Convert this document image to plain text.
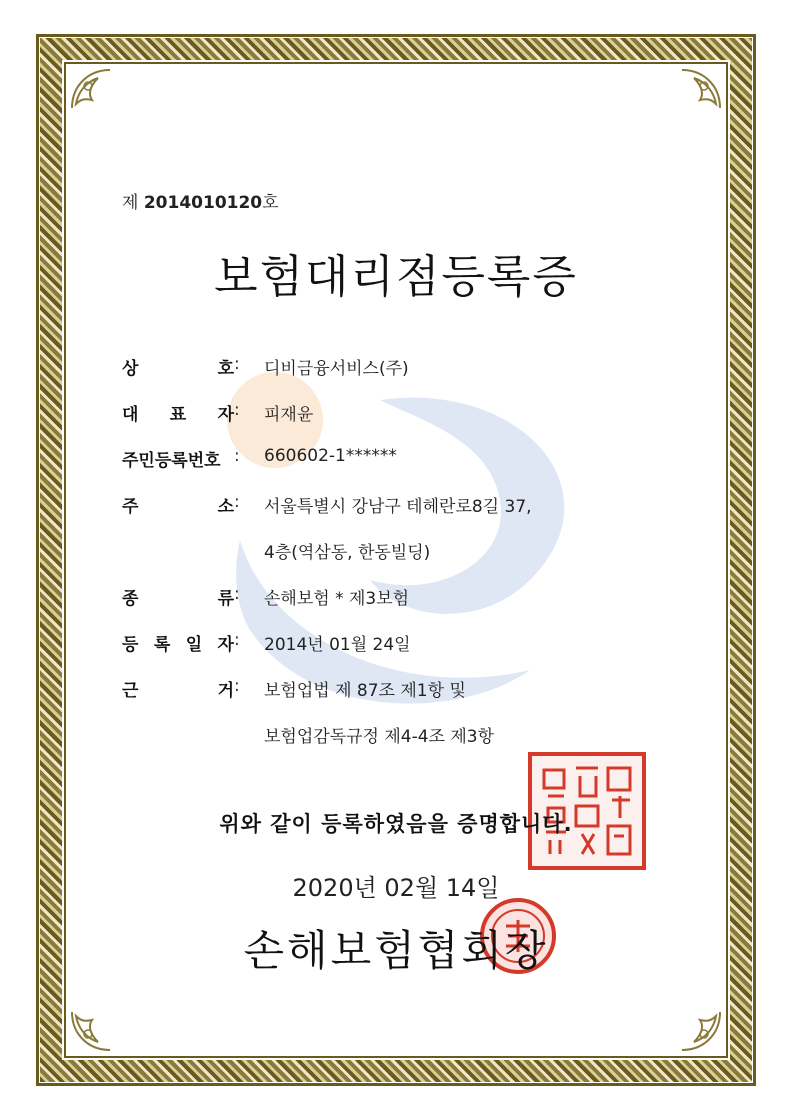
제 2014010120호
보험대리점등록증
상	호 :	디비금융서비스(주)
대 표 자 :	피재윤
주민등록번호 :	660602-1******
주	소 :	서울특별시 강남구 테헤란로8길 37,
4층(역삼동, 한동빌딩)
종	류 :	손해보험 * 제3보험
등 록 일 자 :	2014년 01월 24일
근	거 :	보험업법 제 87조 제1항 및
보험업감독규정 제4-4조 제3항
위와 같이 등록하였음을 증명합니다.
2020년 02월 14일
손해보험협회장
